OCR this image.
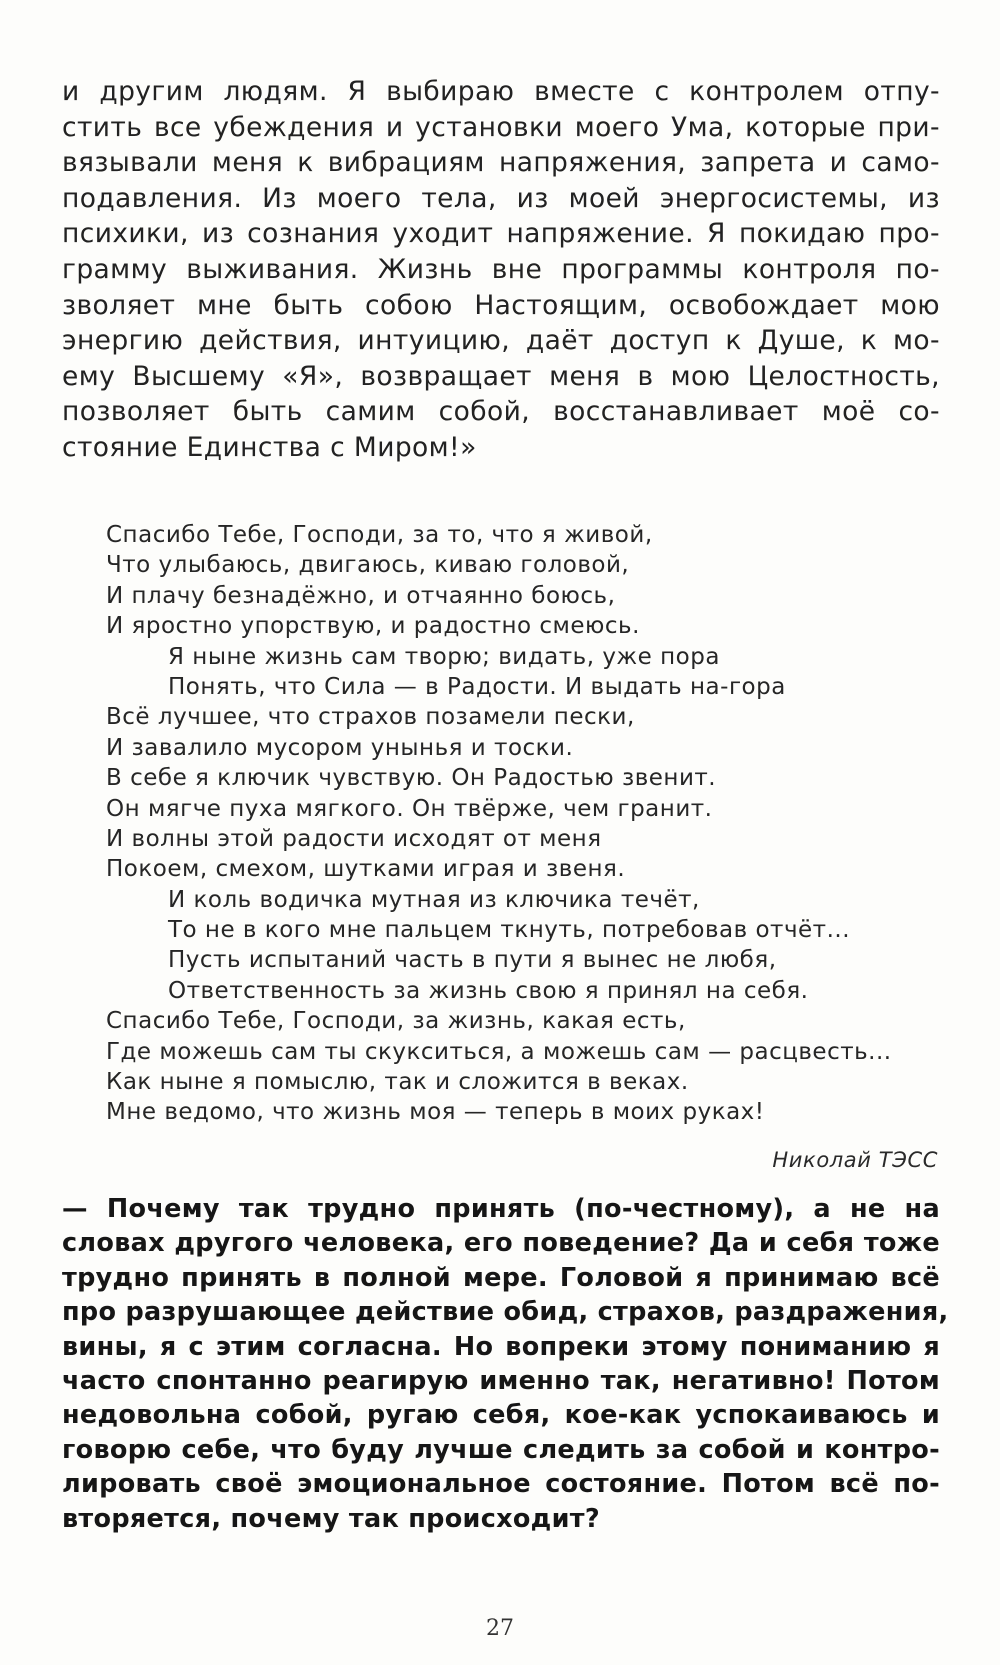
и другим людям. Я выбираю вместе с контролем отпу-
стить все убеждения и установки моего Ума, которые при-
вязывали меня к вибрациям напряжения, запрета и само-
подавления. Из моего тела, из моей энергосистемы, из
психики, из сознания уходит напряжение. Я покидаю про-
грамму выживания. Жизнь вне программы контроля по-
зволяет мне быть собою Настоящим, освобождает мою
энергию действия, интуицию, даёт доступ к Душе, к мо-
ему Высшему «Я», возвращает меня в мою Целостность,
позволяет быть самим собой, восстанавливает моё со-
стояние Единства с Миром!»
Спасибо Тебе, Господи, за то, что я живой,
Что улыбаюсь, двигаюсь, киваю головой,
И плачу безнадёжно, и отчаянно боюсь,
И яростно упорствую, и радостно смеюсь.
Я ныне жизнь сам творю; видать, уже пора
Понять, что Сила — в Радости. И выдать на-гора
Всё лучшее, что страхов позамели пески,
И завалило мусором унынья и тоски.
В себе я ключик чувствую. Он Радостью звенит.
Он мягче пуха мягкого. Он твёрже, чем гранит.
И волны этой радости исходят от меня
Покоем, смехом, шутками играя и звеня.
И коль водичка мутная из ключика течёт,
То не в кого мне пальцем ткнуть, потребовав отчёт...
Пусть испытаний часть в пути я вынес не любя,
Ответственность за жизнь свою я принял на себя.
Спасибо Тебе, Господи, за жизнь, какая есть,
Где можешь сам ты скукситься, а можешь сам — расцвесть...
Как ныне я помыслю, так и сложится в веках.
Мне ведомо, что жизнь моя — теперь в моих руках!
Николай ТЭСС
— Почему так трудно принять (по-честному), а не на
словах другого человека, его поведение? Да и себя тоже
трудно принять в полной мере. Головой я принимаю всё
про разрушающее действие обид, страхов, раздражения,
вины, я с этим согласна. Но вопреки этому пониманию я
часто спонтанно реагирую именно так, негативно! Потом
недовольна собой, ругаю себя, кое-как успокаиваюсь и
говорю себе, что буду лучше следить за собой и контро-
лировать своё эмоциональное состояние. Потом всё по-
вторяется, почему так происходит?
27
